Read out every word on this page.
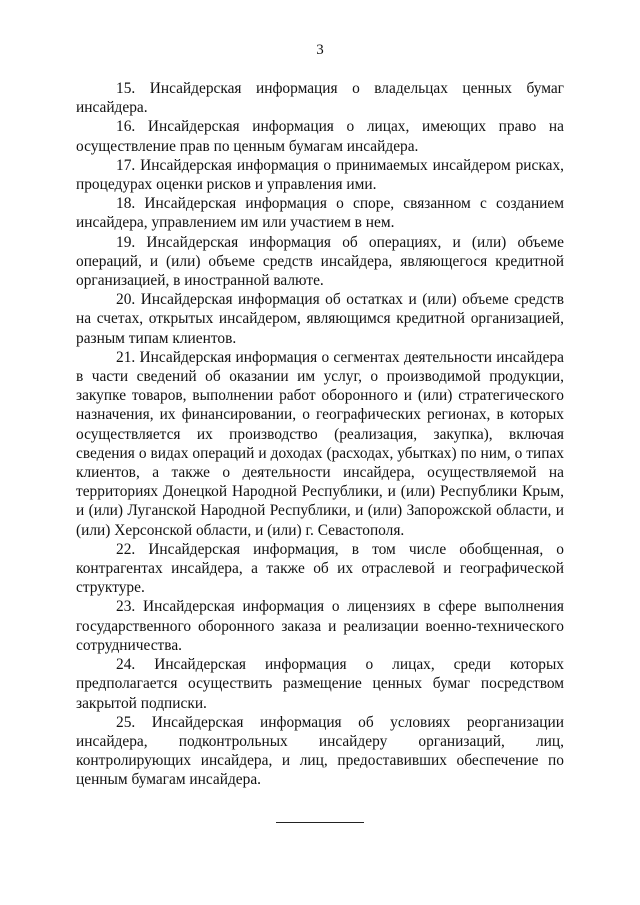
3

15. Инсайдерская информация о владельцах ценных бумаг инсайдера.

16. Инсайдерская информация о лицах, имеющих право на осуществление прав по ценным бумагам инсайдера.

17. Инсайдерская информация о принимаемых инсайдером рисках, процедурах оценки рисков и управления ими.

18. Инсайдерская информация о споре, связанном с созданием инсайдера, управлением им или участием в нем.

19. Инсайдерская информация об операциях, и (или) объеме операций, и (или) объеме средств инсайдера, являющегося кредитной организацией, в иностранной валюте.

20. Инсайдерская информация об остатках и (или) объеме средств на счетах, открытых инсайдером, являющимся кредитной организацией, разным типам клиентов.

21. Инсайдерская информация о сегментах деятельности инсайдера в части сведений об оказании им услуг, о производимой продукции, закупке товаров, выполнении работ оборонного и (или) стратегического назначения, их финансировании, о географических регионах, в которых осуществляется их производство (реализация, закупка), включая сведения о видах операций и доходах (расходах, убытках) по ним, о типах клиентов, а также о деятельности инсайдера, осуществляемой на территориях Донецкой Народной Республики, и (или) Республики Крым, и (или) Луганской Народной Республики, и (или) Запорожской области, и (или) Херсонской области, и (или) г. Севастополя.

22. Инсайдерская информация, в том числе обобщенная, о контрагентах инсайдера, а также об их отраслевой и географической структуре.

23. Инсайдерская информация о лицензиях в сфере выполнения государственного оборонного заказа и реализации военно-технического сотрудничества.

24. Инсайдерская информация о лицах, среди которых предполагается осуществить размещение ценных бумаг посредством закрытой подписки.

25. Инсайдерская информация об условиях реорганизации инсайдера, подконтрольных инсайдеру организаций, лиц, контролирующих инсайдера, и лиц, предоставивших обеспечение по ценным бумагам инсайдера.
